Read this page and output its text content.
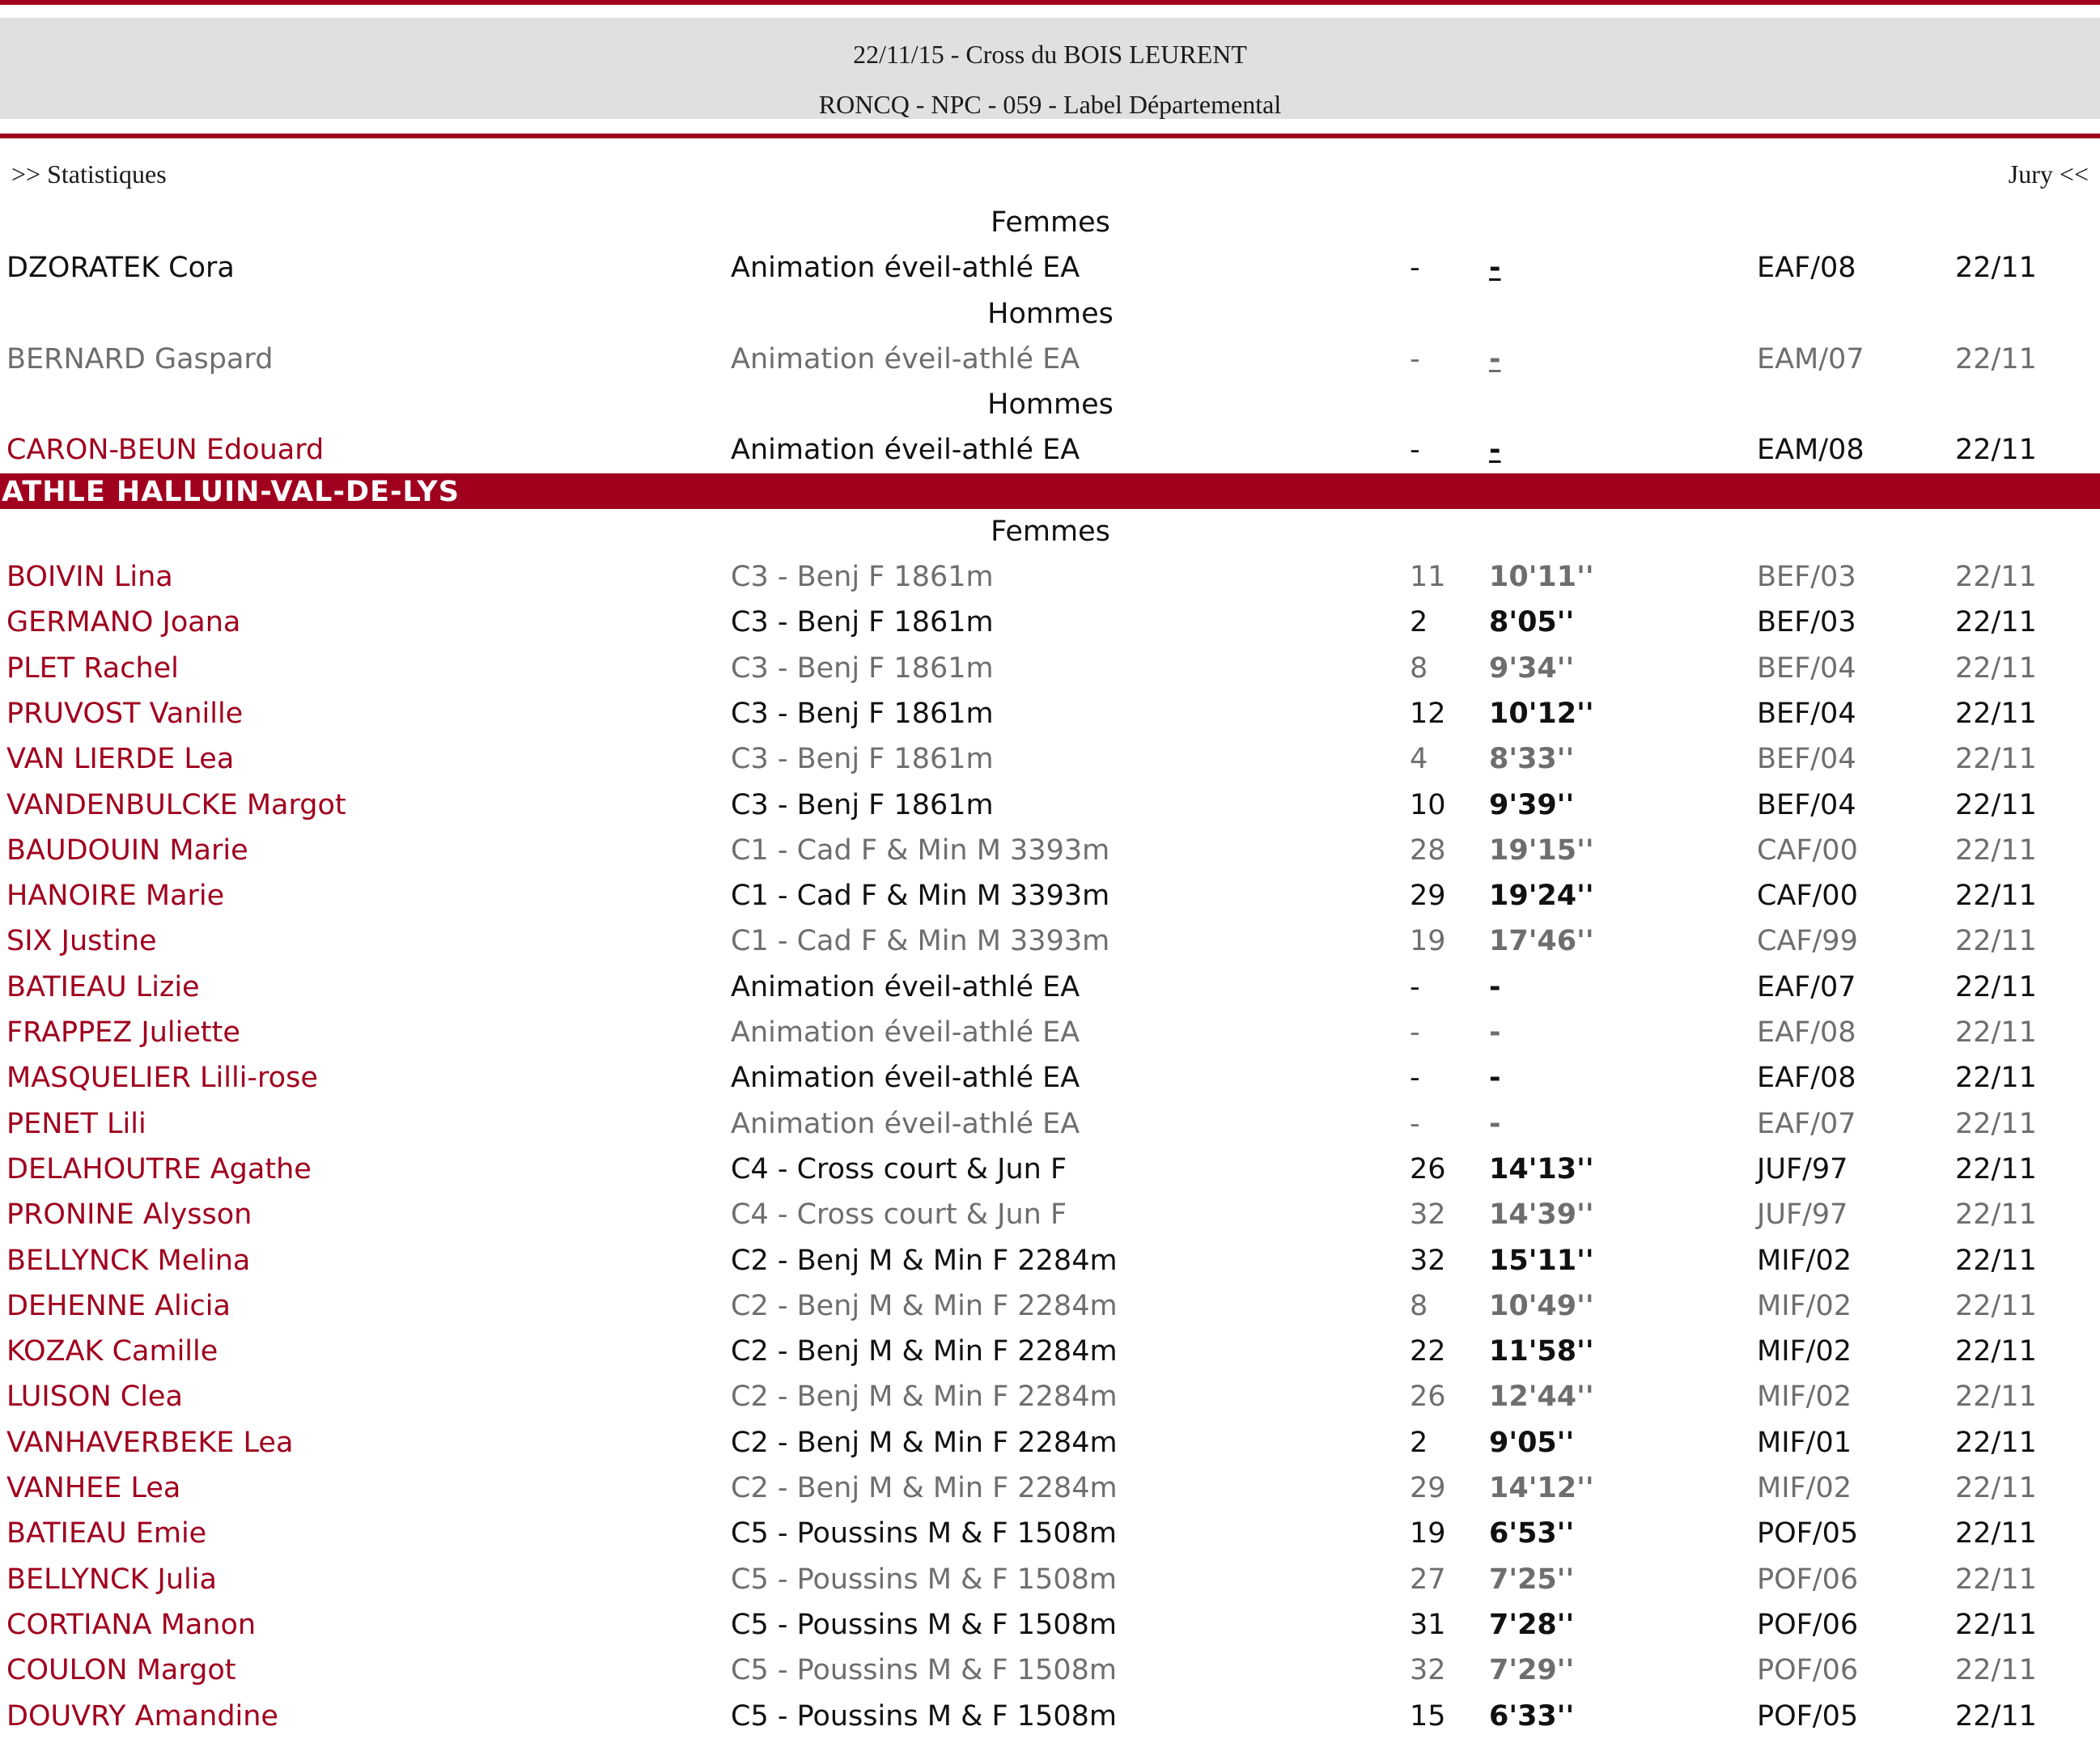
22/11/15 - Cross du BOIS LEURENT
RONCQ - NPC - 059 - Label Départemental
>> Statistiques	Jury <<
Femmes
DZORATEK Cora	Animation éveil-athlé EA	- -	EAF/08	22/11
Hommes
BERNARD Gaspard	Animation éveil-athlé EA	- -	EAM/07	22/11
Hommes
CARON-BEUN Edouard	Animation éveil-athlé EA	- -	EAM/08	22/11
ATHLE HALLUIN-VAL-DE-LYS
Femmes
BOIVIN Lina	C3 - Benj F 1861m	11 10'11''	BEF/03	22/11
GERMANO Joana	C3 - Benj F 1861m	2 8'05''	BEF/03	22/11
PLET Rachel	C3 - Benj F 1861m	8 9'34''	BEF/04	22/11
PRUVOST Vanille	C3 - Benj F 1861m	12 10'12''	BEF/04	22/11
VAN LIERDE Lea	C3 - Benj F 1861m	4 8'33''	BEF/04	22/11
VANDENBULCKE Margot	C3 - Benj F 1861m	10 9'39''	BEF/04	22/11
BAUDOUIN Marie	C1 - Cad F & Min M 3393m	28 19'15''	CAF/00	22/11
HANOIRE Marie	C1 - Cad F & Min M 3393m	29 19'24''	CAF/00	22/11
SIX Justine	C1 - Cad F & Min M 3393m	19 17'46''	CAF/99	22/11
BATIEAU Lizie	Animation éveil-athlé EA	- -	EAF/07	22/11
FRAPPEZ Juliette	Animation éveil-athlé EA	- -	EAF/08	22/11
MASQUELIER Lilli-rose	Animation éveil-athlé EA	- -	EAF/08	22/11
PENET Lili	Animation éveil-athlé EA	- -	EAF/07	22/11
DELAHOUTRE Agathe	C4 - Cross court & Jun F	26 14'13''	JUF/97	22/11
PRONINE Alysson	C4 - Cross court & Jun F	32 14'39''	JUF/97	22/11
BELLYNCK Melina	C2 - Benj M & Min F 2284m	32 15'11''	MIF/02	22/11
DEHENNE Alicia	C2 - Benj M & Min F 2284m	8 10'49''	MIF/02	22/11
KOZAK Camille	C2 - Benj M & Min F 2284m	22 11'58''	MIF/02	22/11
LUISON Clea	C2 - Benj M & Min F 2284m	26 12'44''	MIF/02	22/11
VANHAVERBEKE Lea	C2 - Benj M & Min F 2284m	2 9'05''	MIF/01	22/11
VANHEE Lea	C2 - Benj M & Min F 2284m	29 14'12''	MIF/02	22/11
BATIEAU Emie	C5 - Poussins M & F 1508m	19 6'53''	POF/05	22/11
BELLYNCK Julia	C5 - Poussins M & F 1508m	27 7'25''	POF/06	22/11
CORTIANA Manon	C5 - Poussins M & F 1508m	31 7'28''	POF/06	22/11
COULON Margot	C5 - Poussins M & F 1508m	32 7'29''	POF/06	22/11
DOUVRY Amandine	C5 - Poussins M & F 1508m	15 6'33''	POF/05	22/11
